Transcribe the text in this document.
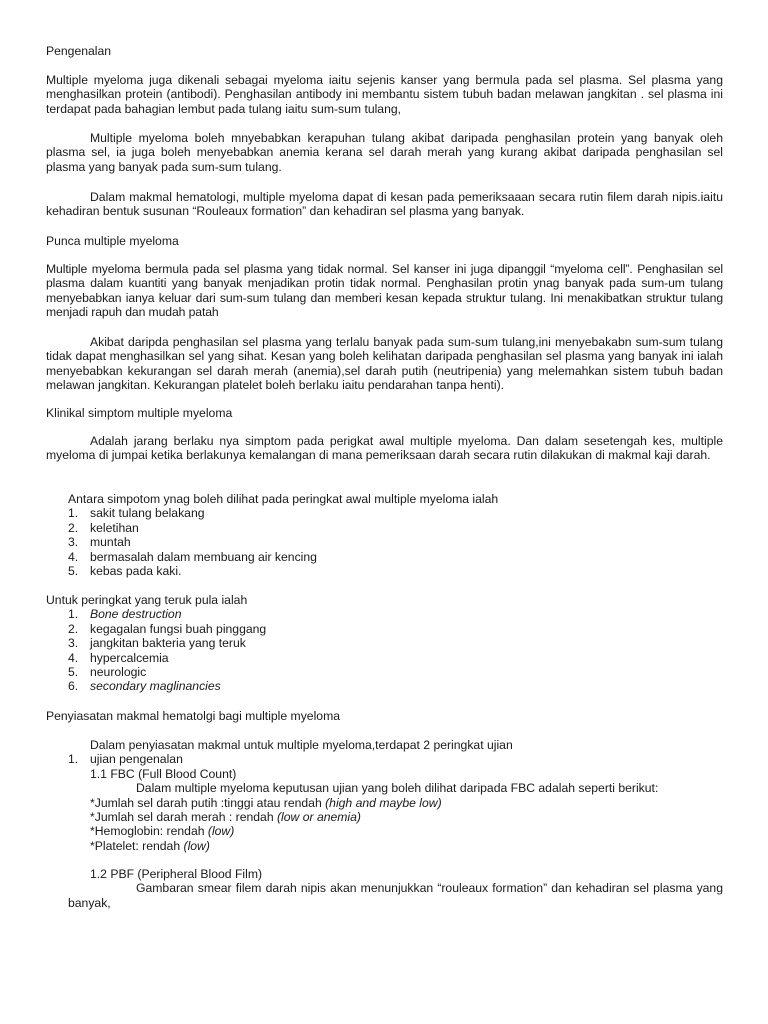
Pengenalan
Multiple myeloma juga dikenali sebagai myeloma iaitu sejenis kanser yang bermula pada sel plasma. Sel plasma yang menghasilkan protein (antibodi). Penghasilan antibody ini membantu sistem tubuh badan melawan jangkitan . sel plasma ini terdapat pada bahagian lembut pada tulang iaitu sum-sum tulang,
Multiple myeloma boleh mnyebabkan kerapuhan tulang akibat daripada penghasilan protein yang banyak oleh plasma sel, ia juga boleh menyebabkan anemia kerana sel darah merah yang kurang akibat daripada penghasilan sel plasma yang banyak pada sum-sum tulang.
Dalam makmal hematologi, multiple myeloma dapat di kesan pada pemeriksaaan secara rutin filem darah nipis.iaitu kehadiran bentuk susunan “Rouleaux formation” dan kehadiran sel plasma yang banyak.
Punca multiple myeloma
Multiple myeloma bermula pada sel plasma yang tidak normal. Sel kanser ini juga dipanggil “myeloma cell”. Penghasilan sel plasma dalam kuantiti yang banyak menjadikan protin tidak normal. Penghasilan protin ynag banyak pada sum-um tulang menyebabkan ianya keluar dari sum-sum tulang dan memberi kesan kepada struktur tulang. Ini menakibatkan struktur tulang menjadi rapuh dan mudah patah
Akibat daripda penghasilan sel plasma yang terlalu banyak pada sum-sum tulang,ini menyebakabn sum-sum tulang tidak dapat menghasilkan sel yang sihat. Kesan yang boleh kelihatan daripada penghasilan sel plasma yang banyak ini ialah menyebabkan kekurangan sel darah merah (anemia),sel darah putih (neutripenia) yang melemahkan sistem tubuh badan melawan jangkitan. Kekurangan platelet boleh berlaku iaitu pendarahan tanpa henti).
Klinikal simptom multiple myeloma
Adalah jarang berlaku nya simptom pada perigkat awal multiple myeloma. Dan dalam sesetengah kes, multiple myeloma di jumpai ketika berlakunya kemalangan di mana pemeriksaan darah secara rutin dilakukan di makmal kaji darah.
Antara simpotom ynag boleh dilihat pada peringkat awal multiple myeloma ialah
1. sakit tulang belakang
2. keletihan
3. muntah
4. bermasalah dalam membuang air kencing
5. kebas pada kaki.
Untuk peringkat yang teruk pula ialah
1. Bone destruction
2. kegagalan fungsi buah pinggang
3. jangkitan bakteria yang teruk
4. hypercalcemia
5. neurologic
6. secondary maglinancies
Penyiasatan makmal hematolgi bagi multiple myeloma
Dalam penyiasatan makmal untuk multiple myeloma,terdapat 2 peringkat ujian
1. ujian pengenalan
1.1 FBC (Full Blood Count)
Dalam multiple myeloma keputusan ujian yang boleh dilihat daripada FBC adalah seperti berikut:
*Jumlah sel darah putih :tinggi atau rendah (high and maybe low)
*Jumlah sel darah merah : rendah (low or anemia)
*Hemoglobin: rendah (low)
*Platelet: rendah (low)
1.2 PBF (Peripheral Blood Film)
Gambaran smear filem darah nipis akan menunjukkan “rouleaux formation” dan kehadiran sel plasma yang banyak,
